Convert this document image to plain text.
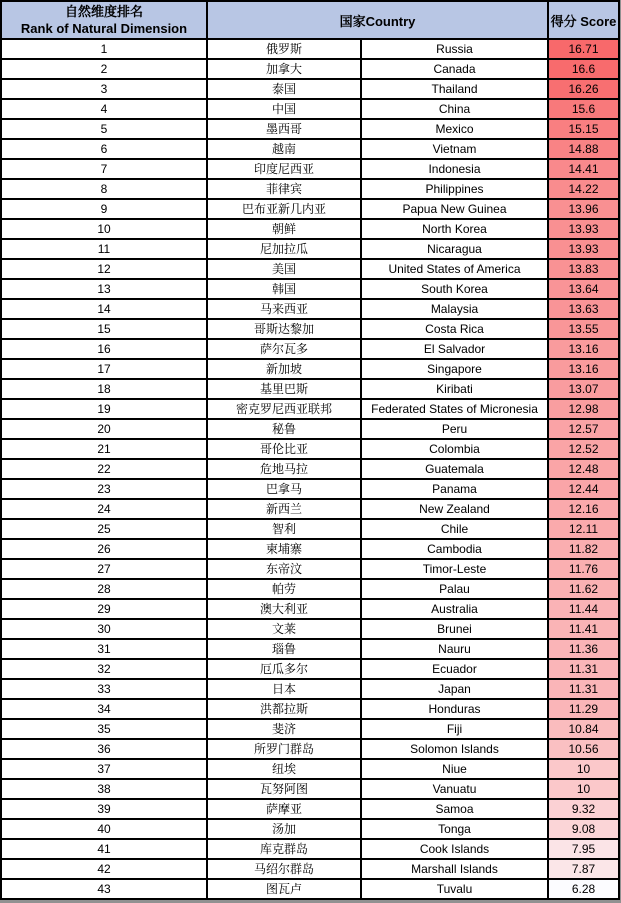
自然维度排名
Rank of Natural Dimension	国家Country		得分 Score
1	俄罗斯	Russia	16.71
2	加拿大	Canada	16.6
3	泰国	Thailand	16.26
4	中国	China	15.6
5	墨西哥	Mexico	15.15
6	越南	Vietnam	14.88
7	印度尼西亚	Indonesia	14.41
8	菲律宾	Philippines	14.22
9	巴布亚新几内亚	Papua New Guinea	13.96
10	朝鲜	North Korea	13.93
11	尼加拉瓜	Nicaragua	13.93
12	美国	United States of America	13.83
13	韩国	South Korea	13.64
14	马来西亚	Malaysia	13.63
15	哥斯达黎加	Costa Rica	13.55
16	萨尔瓦多	El Salvador	13.16
17	新加坡	Singapore	13.16
18	基里巴斯	Kiribati	13.07
19	密克罗尼西亚联邦	Federated States of Micronesia	12.98
20	秘鲁	Peru	12.57
21	哥伦比亚	Colombia	12.52
22	危地马拉	Guatemala	12.48
23	巴拿马	Panama	12.44
24	新西兰	New Zealand	12.16
25	智利	Chile	12.11
26	柬埔寨	Cambodia	11.82
27	东帝汶	Timor-Leste	11.76
28	帕劳	Palau	11.62
29	澳大利亚	Australia	11.44
30	文莱	Brunei	11.41
31	瑙鲁	Nauru	11.36
32	厄瓜多尔	Ecuador	11.31
33	日本	Japan	11.31
34	洪都拉斯	Honduras	11.29
35	斐济	Fiji	10.84
36	所罗门群岛	Solomon Islands	10.56
37	纽埃	Niue	10
38	瓦努阿图	Vanuatu	10
39	萨摩亚	Samoa	9.32
40	汤加	Tonga	9.08
41	库克群岛	Cook Islands	7.95
42	马绍尔群岛	Marshall Islands	7.87
43	图瓦卢	Tuvalu	6.28
